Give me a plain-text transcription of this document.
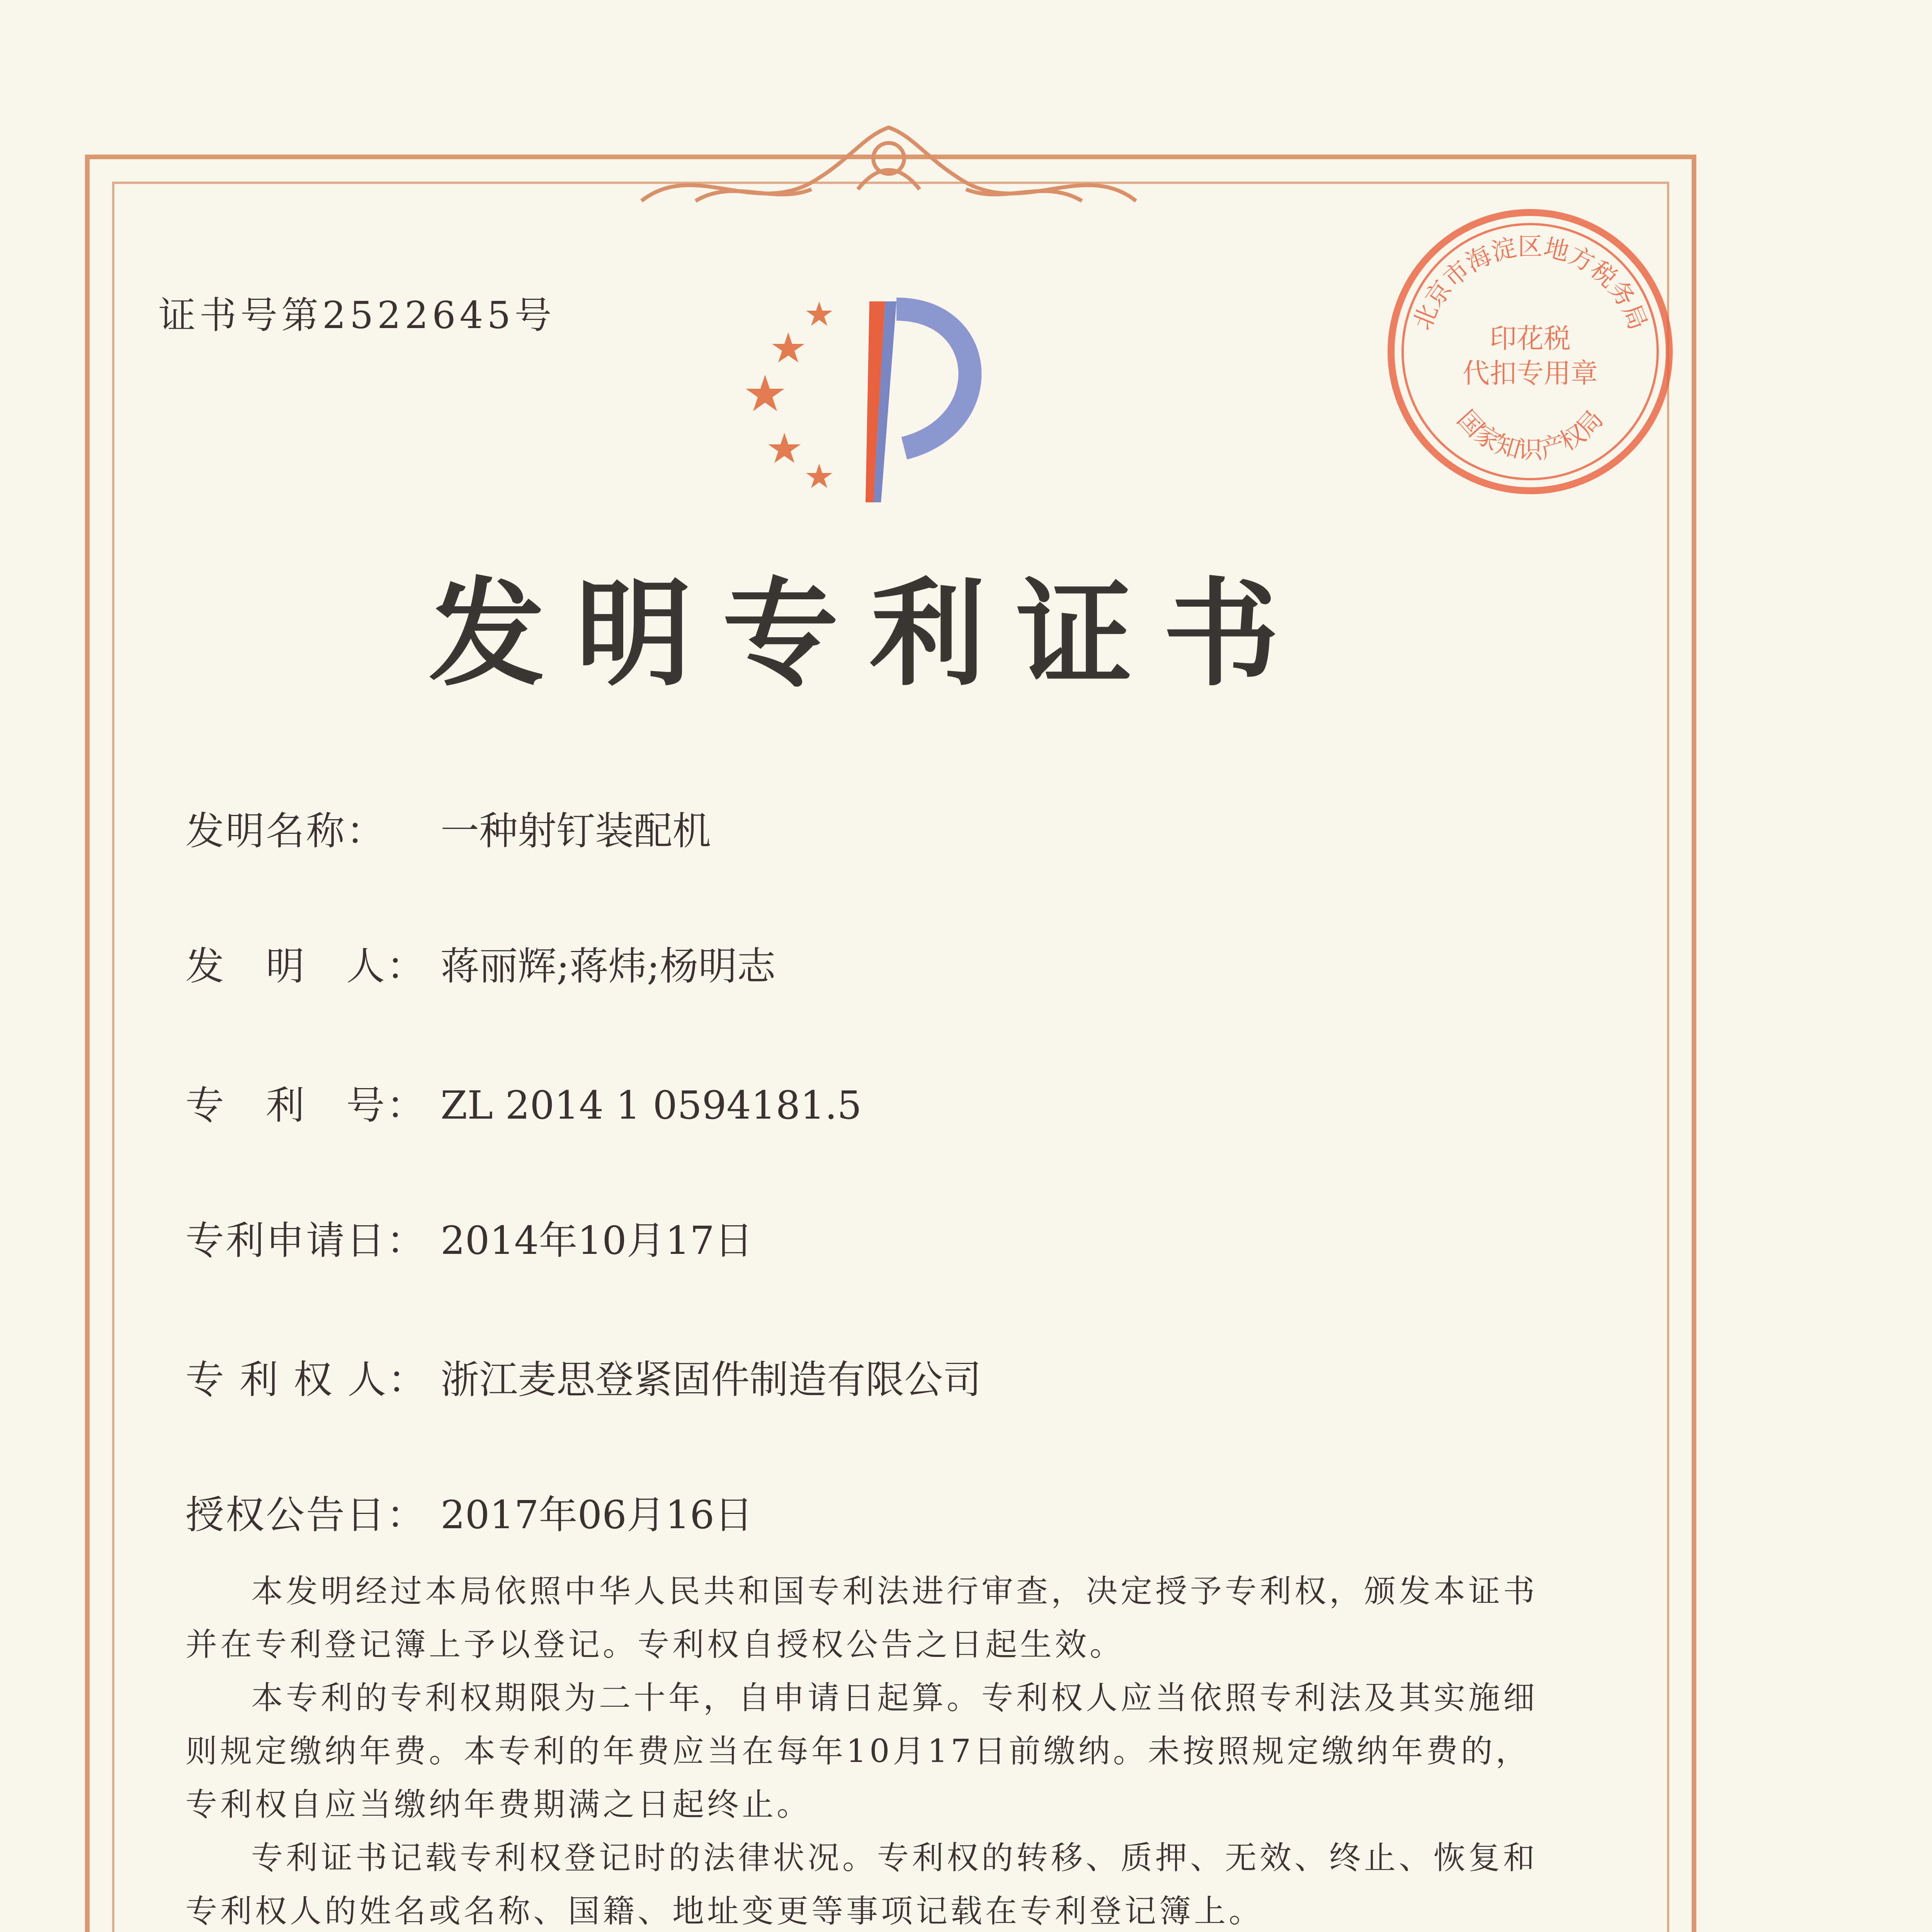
证书号第2522645号
发明专利证书
发明名称： 一种射钉装配机
发　明　人： 蒋丽辉;蒋炜;杨明志
专　利　号： ZL 2014 1 0594181.5
专利申请日： 2014年10月17日
专 利 权 人： 浙江麦思登紧固件制造有限公司
授权公告日： 2017年06月16日

本发明经过本局依照中华人民共和国专利法进行审查，决定授予专利权，颁发本证书并在专利登记簿上予以登记。专利权自授权公告之日起生效。

本专利的专利权期限为二十年，自申请日起算。专利权人应当依照专利法及其实施细则规定缴纳年费。本专利的年费应当在每年10月17日前缴纳。未按照规定缴纳年费的，专利权自应当缴纳年费期满之日起终止。

专利证书记载专利权登记时的法律状况。专利权的转移、质押、无效、终止、恢复和专利权人的姓名或名称、国籍、地址变更等事项记载在专利登记簿上。

北京市海淀区地方税务局
国家知识产权局
印花税
代扣专用章
